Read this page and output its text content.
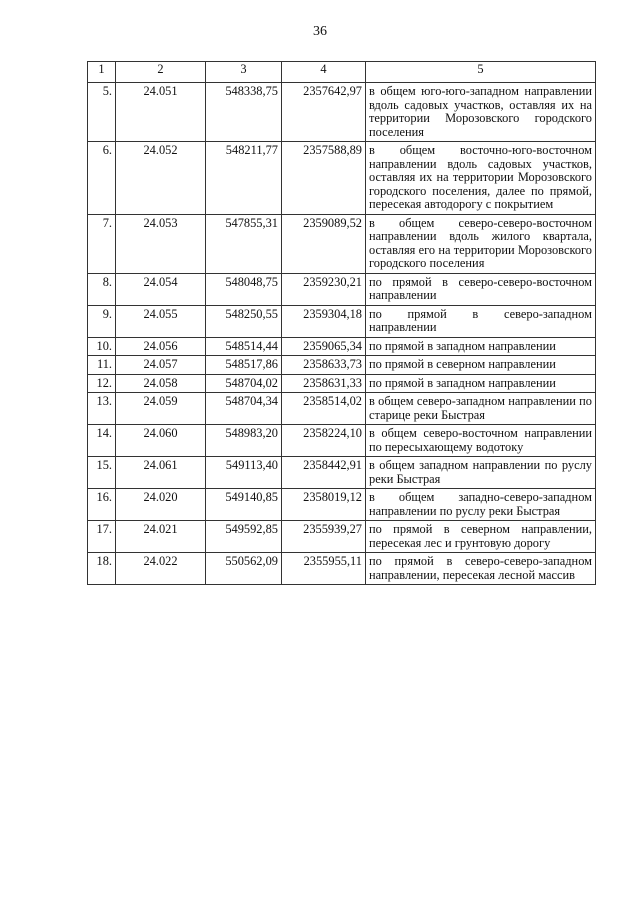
36
1	2	3	4	5
5.	24.051	548338,75	2357642,97	в общем юго-юго-западном направлении вдоль садовых участков, оставляя их на территории Морозовского городского поселения
6.	24.052	548211,77	2357588,89	в общем восточно-юго-восточном направлении вдоль садовых участков, оставляя их на территории Морозовского городского поселения, далее по прямой, пересекая автодорогу с покрытием
7.	24.053	547855,31	2359089,52	в общем северо-северо-восточном направлении вдоль жилого квартала, оставляя его на территории Морозовского городского поселения
8.	24.054	548048,75	2359230,21	по прямой в северо-северо-восточном направлении
9.	24.055	548250,55	2359304,18	по прямой в северо-западном направлении
10.	24.056	548514,44	2359065,34	по прямой в западном направлении
11.	24.057	548517,86	2358633,73	по прямой в северном направлении
12.	24.058	548704,02	2358631,33	по прямой в западном направлении
13.	24.059	548704,34	2358514,02	в общем северо-западном направлении по старице реки Быстрая
14.	24.060	548983,20	2358224,10	в общем северо-восточном направлении по пересыхающему водотоку
15.	24.061	549113,40	2358442,91	в общем западном направлении по руслу реки Быстрая
16.	24.020	549140,85	2358019,12	в общем западно-северо-западном направлении по руслу реки Быстрая
17.	24.021	549592,85	2355939,27	по прямой в северном направлении, пересекая лес и грунтовую дорогу
18.	24.022	550562,09	2355955,11	по прямой в северо-северо-западном направлении, пересекая лесной массив
